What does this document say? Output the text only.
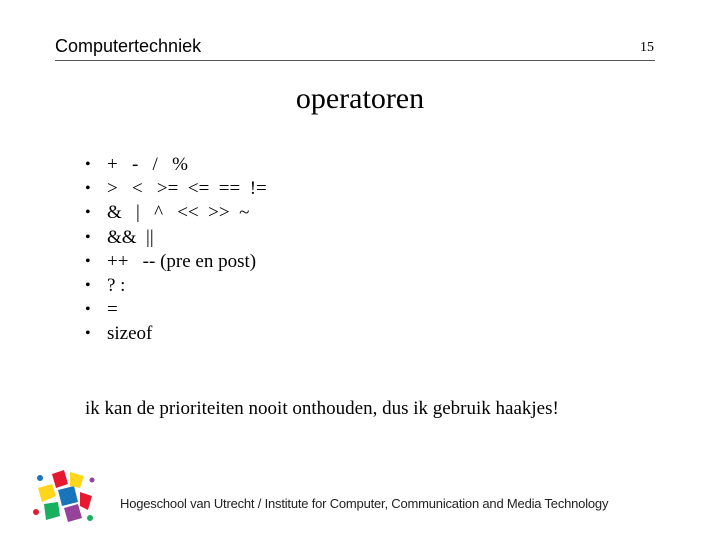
Computertechniek	15
operatoren
• +   -   /   %
• >   <   >=  <=  ==  !=
• &   |   ^   <<  >>  ~
• &&  ||
• ++   -- (pre en post)
• ? :
• =
• sizeof
ik kan de prioriteiten nooit onthouden, dus ik gebruik haakjes!
Hogeschool van Utrecht / Institute for Computer, Communication and Media Technology
